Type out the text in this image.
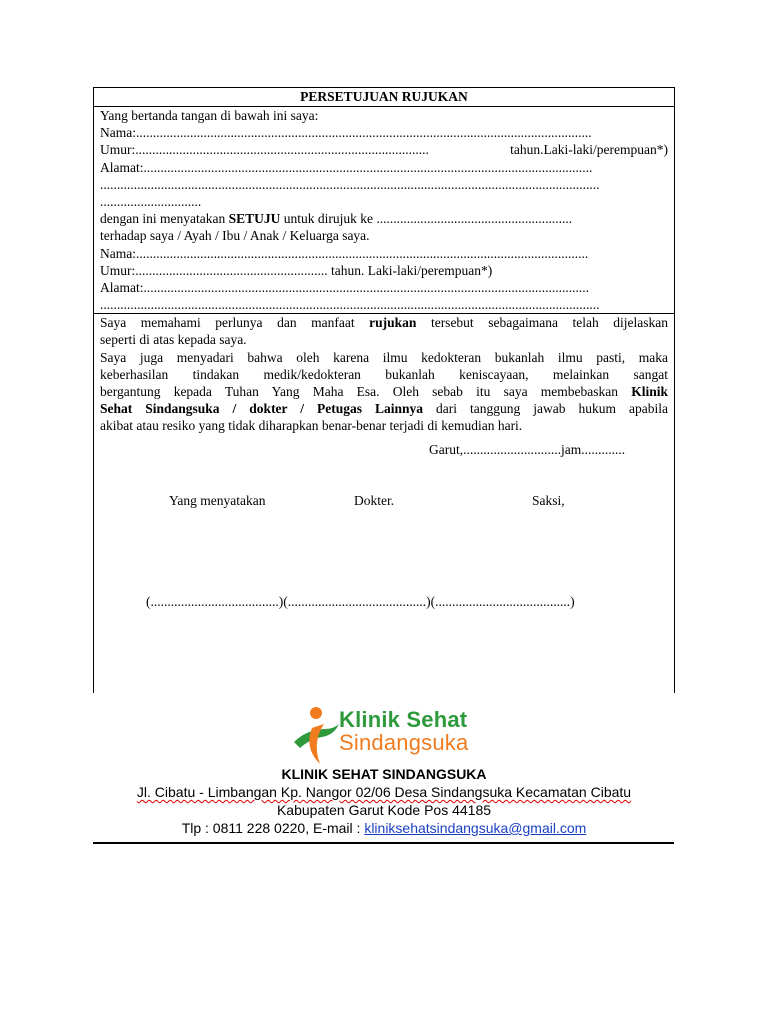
PERSETUJUAN RUJUKAN
Yang bertanda tangan di bawah ini saya:
Nama:.......................................................................................................................................
Umur:.......................................................................................	tahun.Laki-laki/perempuan*)
Alamat:.....................................................................................................................................
....................................................................................................................................................
..............................
dengan ini menyatakan SETUJU untuk dirujuk ke ..........................................................
terhadap saya / Ayah / Ibu / Anak / Keluarga saya.
Nama:......................................................................................................................................
Umur:......................................................... tahun. Laki-laki/perempuan*)
Alamat:....................................................................................................................................
....................................................................................................................................................
Saya memahami perlunya dan manfaat rujukan tersebut sebagaimana telah dijelaskan
seperti di atas kepada saya.
Saya juga menyadari bahwa oleh karena ilmu kedokteran bukanlah ilmu pasti, maka
keberhasilan tindakan medik/kedokteran bukanlah keniscayaan, melainkan sangat
bergantung kepada Tuhan Yang Maha Esa. Oleh sebab itu saya membebaskan Klinik
Sehat Sindangsuka / dokter / Petugas Lainnya dari tanggung jawab hukum apabila
akibat atau resiko yang tidak diharapkan benar-benar terjadi di kemudian hari.
Garut,.............................jam.............
Yang menyatakan	Dokter.	Saksi,
(......................................)(.........................................)(........................................)
Klinik Sehat
Sindangsuka
KLINIK SEHAT SINDANGSUKA
Jl. Cibatu - Limbangan Kp. Nangor 02/06 Desa Sindangsuka Kecamatan Cibatu
Kabupaten Garut Kode Pos 44185
Tlp : 0811 228 0220, E-mail : kliniksehatsindangsuka@gmail.com
